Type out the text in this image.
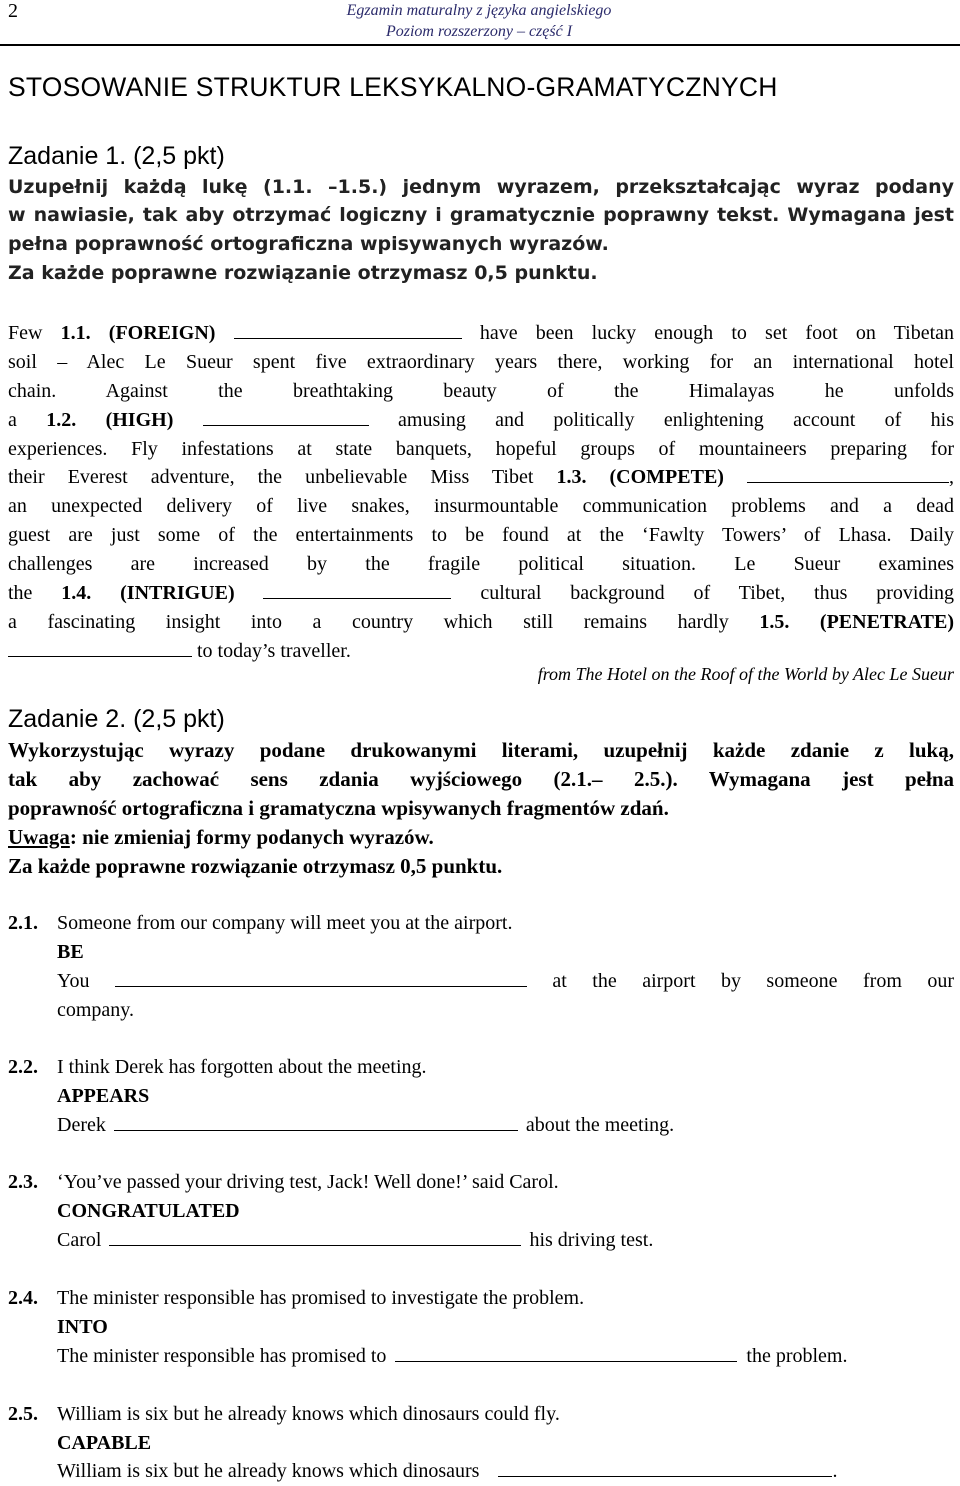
2	Egzamin maturalny z języka angielskiego
Poziom rozszerzony – część I
STOSOWANIE STRUKTUR LEKSYKALNO-GRAMATYCZNYCH
Zadanie 1. (2,5 pkt)
Uzupełnij każdą lukę (1.1. –1.5.) jednym wyrazem, przekształcając wyraz podany
w nawiasie, tak aby otrzymać logiczny i gramatycznie poprawny tekst. Wymagana jest
pełna poprawność ortograficzna wpisywanych wyrazów.
Za każde poprawne rozwiązanie otrzymasz 0,5 punktu.
Few 1.1. (FOREIGN)	have been lucky enough to set foot on Tibetan
soil – Alec Le Sueur spent five extraordinary years there, working for an international hotel
chain. Against the breathtaking beauty of the Himalayas he unfolds
a 1.2. (HIGH)	amusing and politically enlightening account of his
experiences. Fly infestations at state banquets, hopeful groups of mountaineers preparing for
their Everest adventure, the unbelievable Miss Tibet 1.3. (COMPETE)	,
an unexpected delivery of live snakes, insurmountable communication problems and a dead
guest are just some of the entertainments to be found at the ‘Fawlty Towers’ of Lhasa. Daily
challenges are increased by the fragile political situation. Le Sueur examines
the 1.4. (INTRIGUE)	cultural background of Tibet, thus providing
a fascinating insight into a country which still remains hardly 1.5. (PENETRATE)
to today’s traveller.
from The Hotel on the Roof of the World by Alec Le Sueur
Zadanie 2. (2,5 pkt)
Wykorzystując wyrazy podane drukowanymi literami, uzupełnij każde zdanie z luką,
tak aby zachować sens zdania wyjściowego (2.1.– 2.5.). Wymagana jest pełna
poprawność ortograficzna i gramatyczna wpisywanych fragmentów zdań.
Uwaga: nie zmieniaj formy podanych wyrazów.
Za każde poprawne rozwiązanie otrzymasz 0,5 punktu.
2.1. Someone from our company will meet you at the airport.
BE
You	at the airport by someone from our
company.
2.2. I think Derek has forgotten about the meeting.
APPEARS
Derek	about the meeting.
2.3. ‘You’ve passed your driving test, Jack! Well done!’ said Carol.
CONGRATULATED
Carol	his driving test.
2.4. The minister responsible has promised to investigate the problem.
INTO
The minister responsible has promised to	the problem.
2.5. William is six but he already knows which dinosaurs could fly.
CAPABLE
William is six but he already knows which dinosaurs	.
